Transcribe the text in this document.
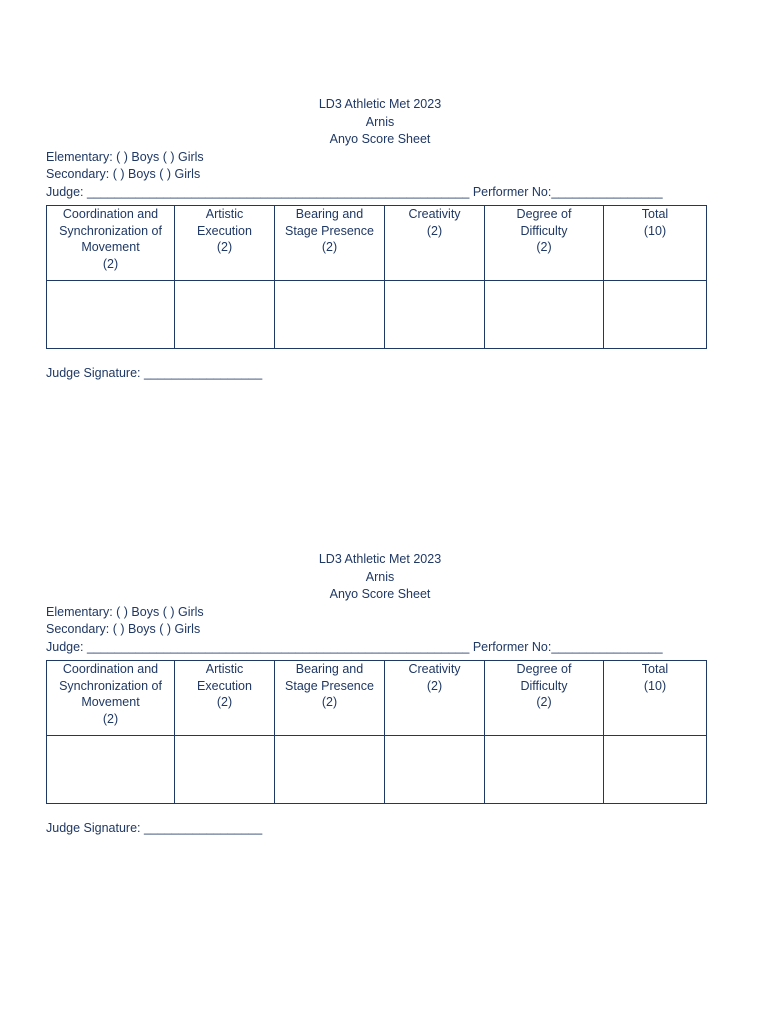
LD3 Athletic Met 2023
Arnis
Anyo Score Sheet
Elementary: ( ) Boys ( ) Girls
Secondary: ( ) Boys ( ) Girls
Judge: _______________________________________________________ Performer No:________________
Coordination and
Synchronization of
Movement
(2)	Artistic
Execution
(2)	Bearing and
Stage Presence
(2)	Creativity
(2)	Degree of
Difficulty
(2)	Total
(10)

Judge Signature: _________________
LD3 Athletic Met 2023
Arnis
Anyo Score Sheet
Elementary: ( ) Boys ( ) Girls
Secondary: ( ) Boys ( ) Girls
Judge: _______________________________________________________ Performer No:________________
Coordination and
Synchronization of
Movement
(2)	Artistic
Execution
(2)	Bearing and
Stage Presence
(2)	Creativity
(2)	Degree of
Difficulty
(2)	Total
(10)

Judge Signature: _________________
